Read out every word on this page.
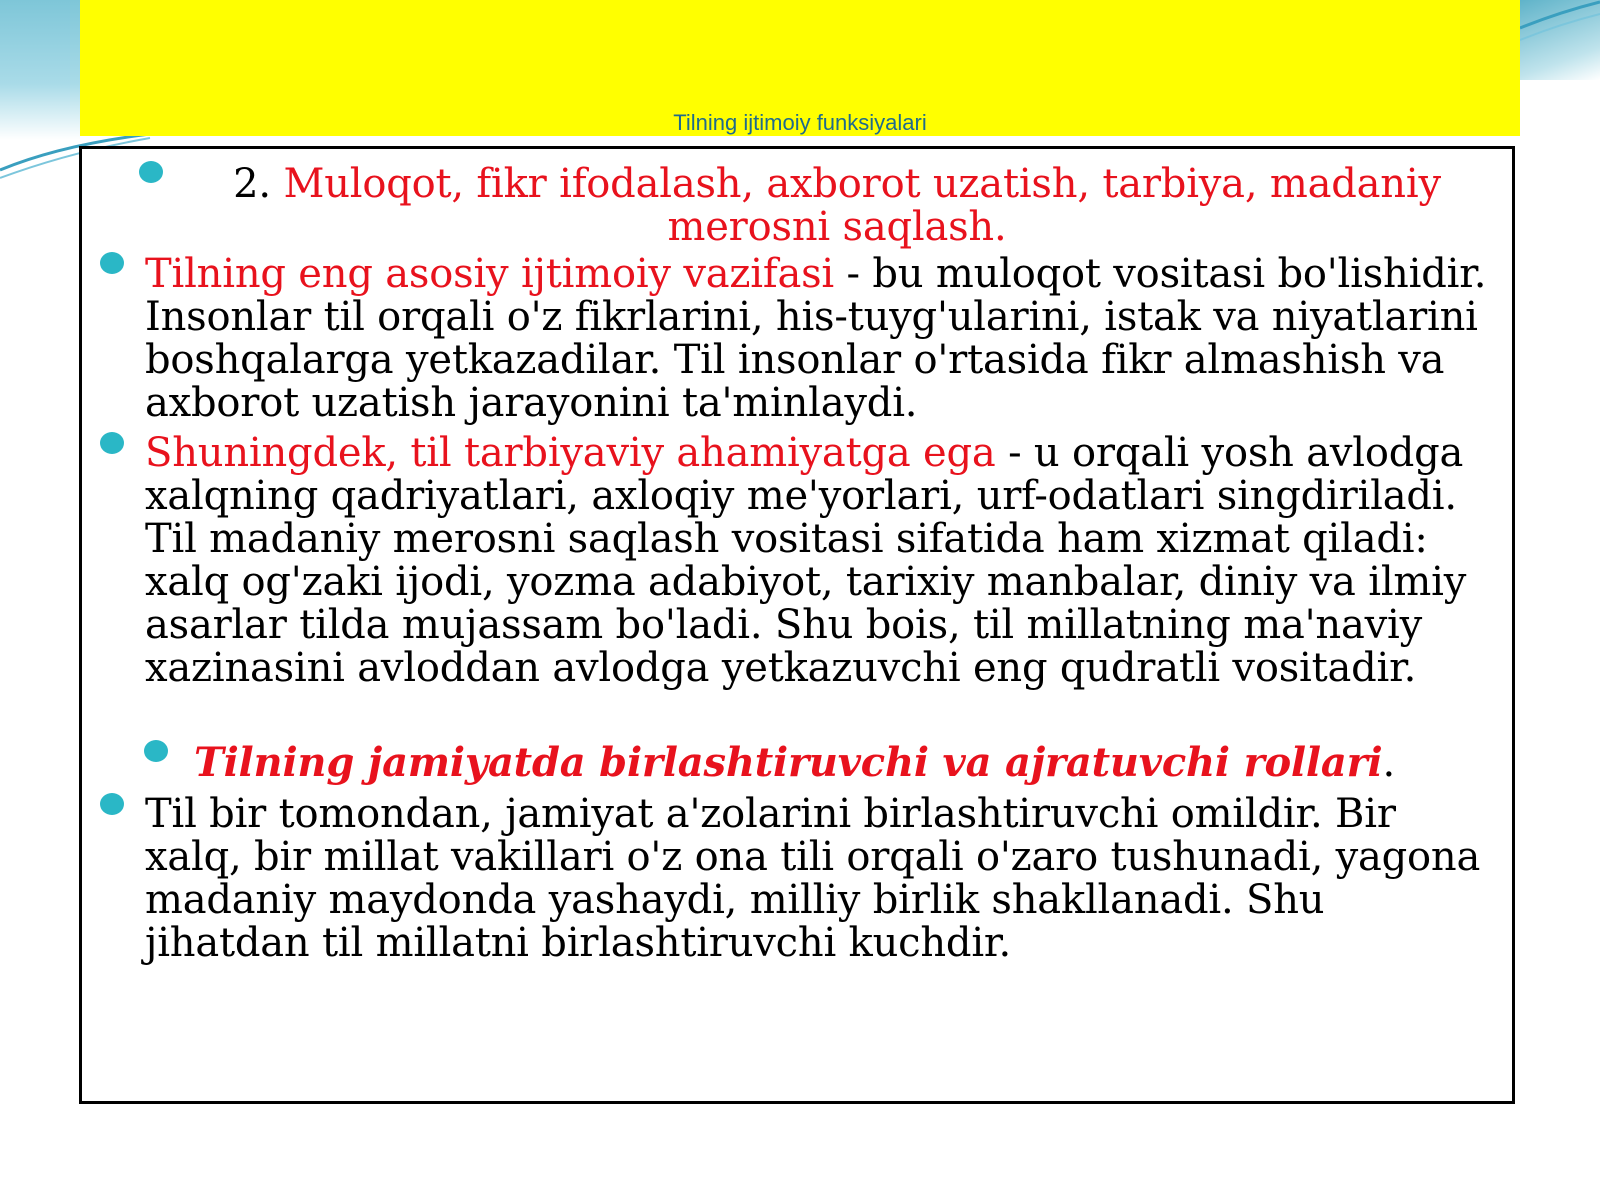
Tilning ijtimoiy funksiyalari

2. Muloqot, fikr ifodalash, axborot uzatish, tarbiya, madaniy merosni saqlash.

Tilning eng asosiy ijtimoiy vazifasi - bu muloqot vositasi bo'lishidir. Insonlar til orqali o'z fikrlarini, his-tuyg'ularini, istak va niyatlarini boshqalarga yetkazadilar. Til insonlar o'rtasida fikr almashish va axborot uzatish jarayonini ta'minlaydi.

Shuningdek, til tarbiyaviy ahamiyatga ega - u orqali yosh avlodga xalqning qadriyatlari, axloqiy me'yorlari, urf-odatlari singdiriladi. Til madaniy merosni saqlash vositasi sifatida ham xizmat qiladi: xalq og'zaki ijodi, yozma adabiyot, tarixiy manbalar, diniy va ilmiy asarlar tilda mujassam bo'ladi. Shu bois, til millatning ma'naviy xazinasini avloddan avlodga yetkazuvchi eng qudratli vositadir.

Tilning jamiyatda birlashtiruvchi va ajratuvchi rollari.

Til bir tomondan, jamiyat a'zolarini birlashtiruvchi omildir. Bir xalq, bir millat vakillari o'z ona tili orqali o'zaro tushunadi, yagona madaniy maydonda yashaydi, milliy birlik shakllanadi. Shu jihatdan til millatni birlashtiruvchi kuchdir.
